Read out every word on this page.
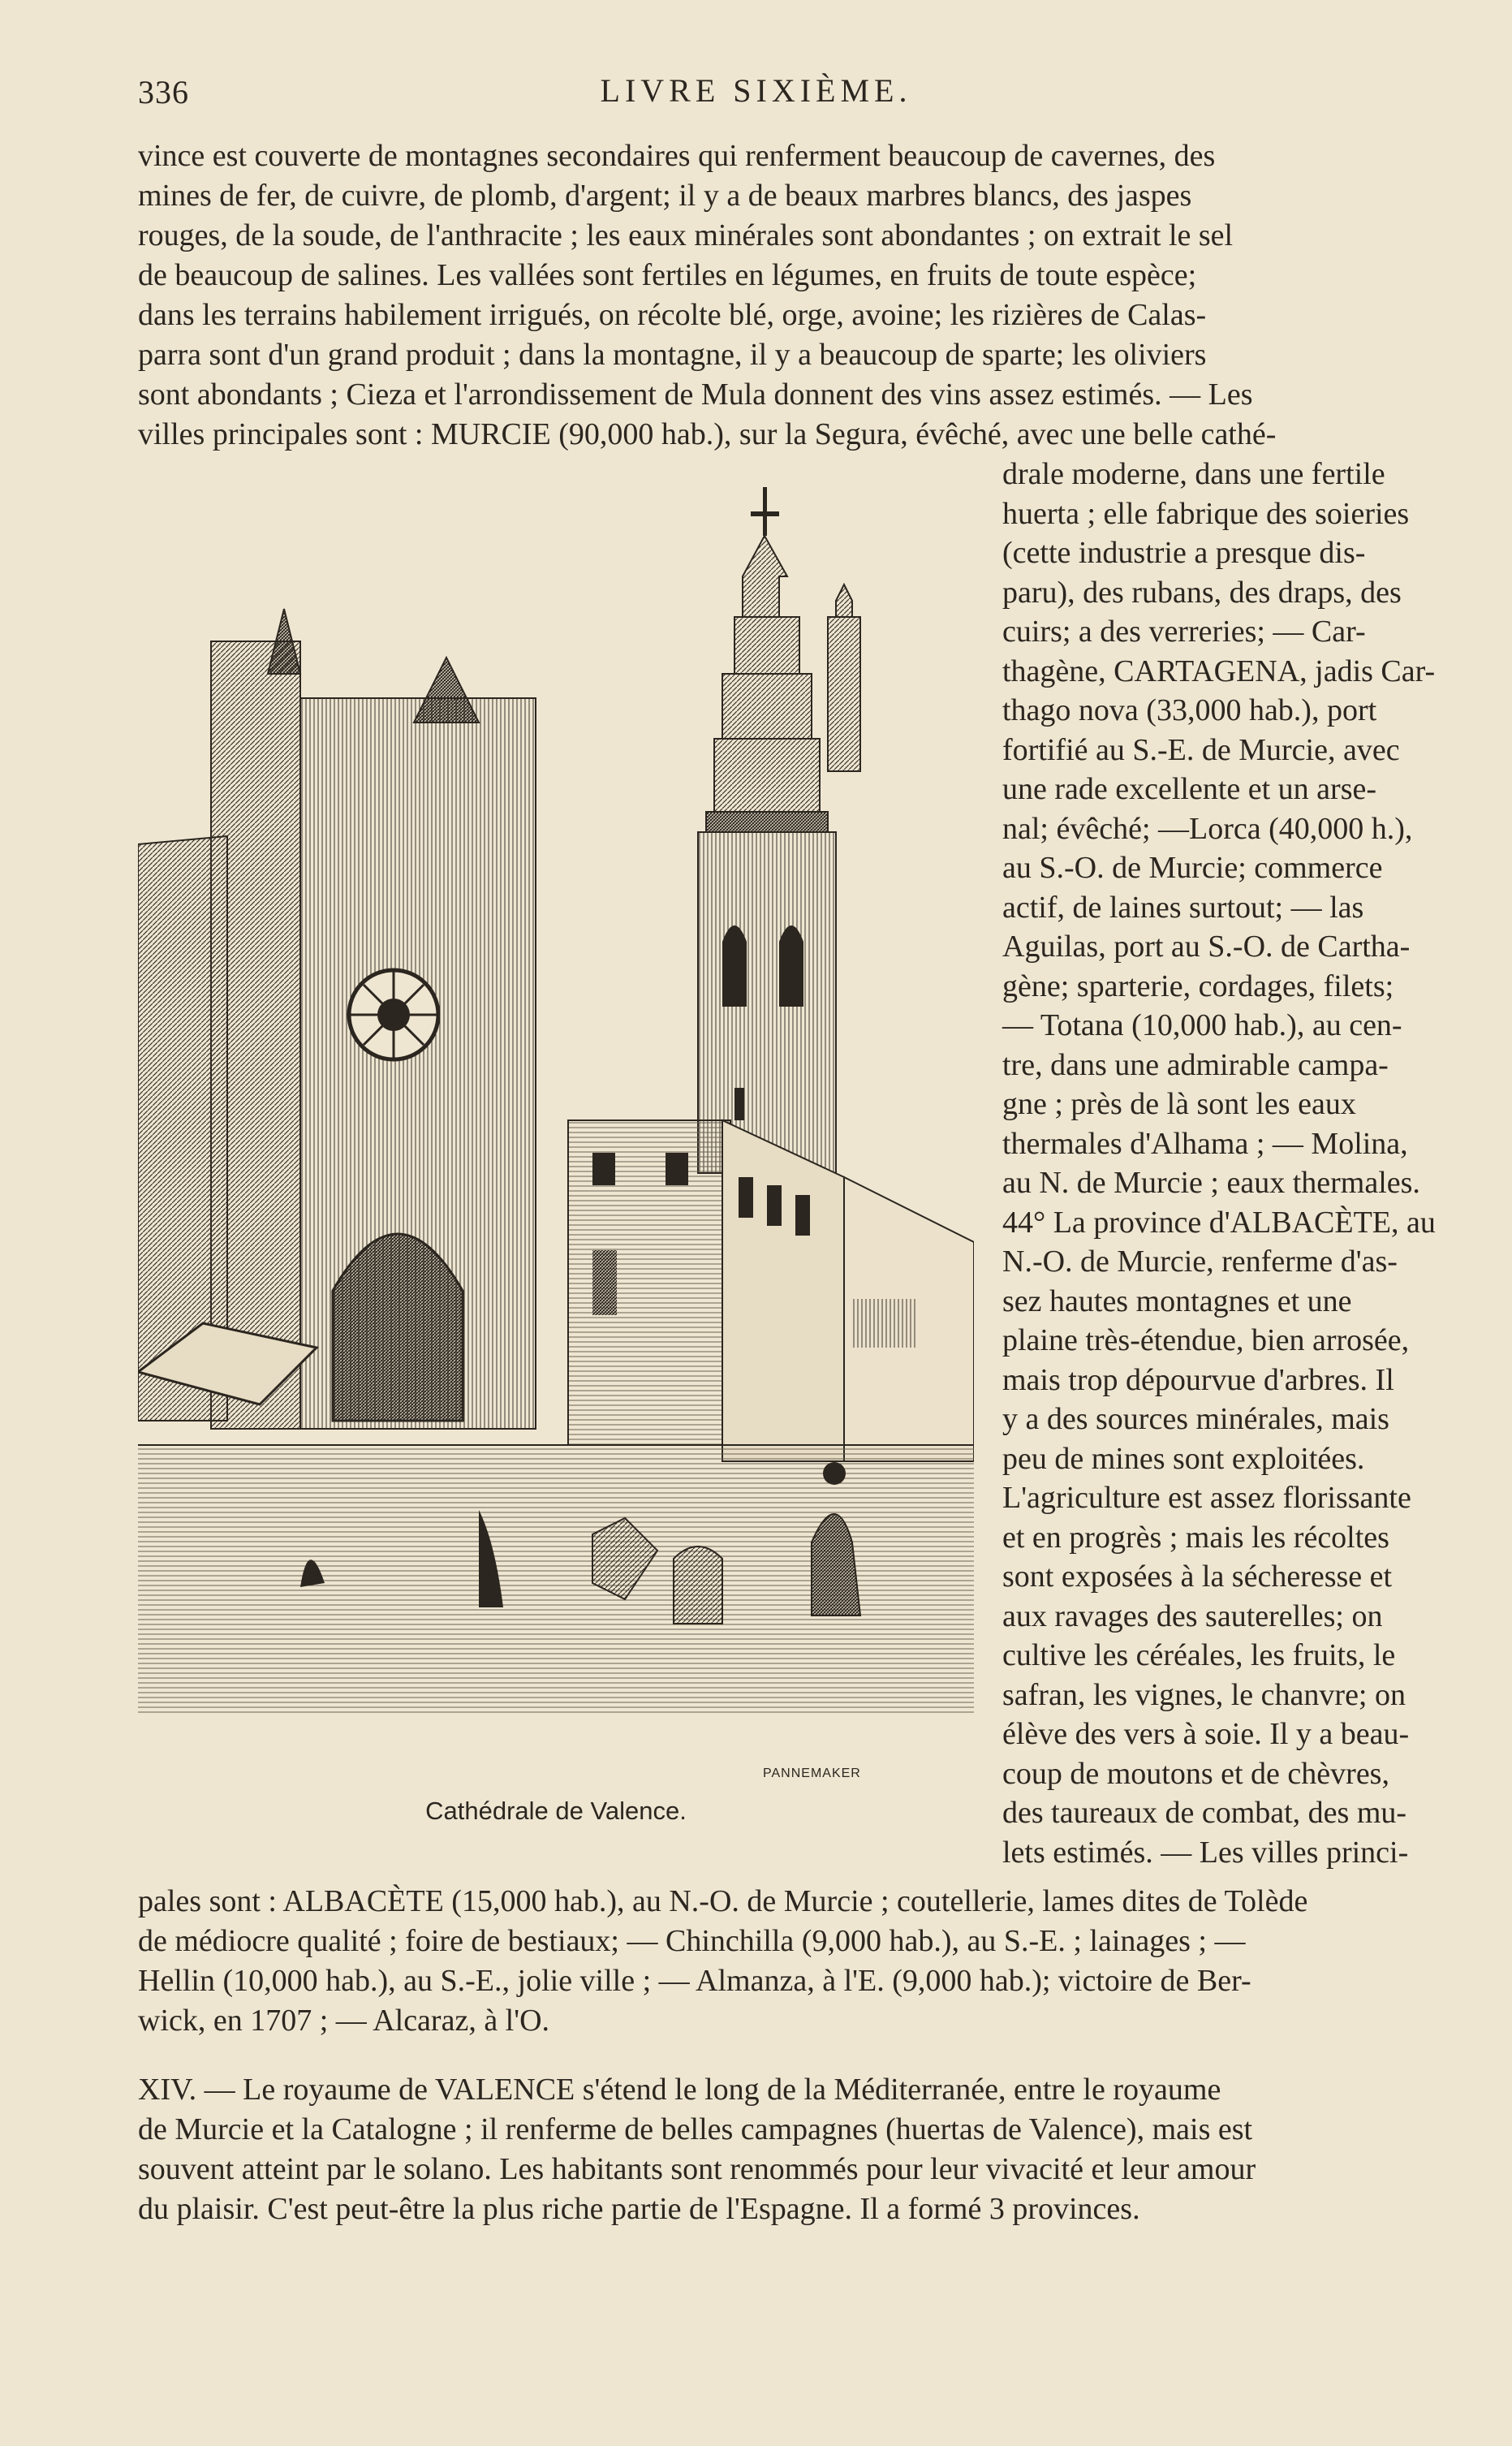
336	LIVRE SIXIÈME.
vince est couverte de montagnes secondaires qui renferment beaucoup de cavernes, des
mines de fer, de cuivre, de plomb, d'argent; il y a de beaux marbres blancs, des jaspes
rouges, de la soude, de l'anthracite ; les eaux minérales sont abondantes ; on extrait le sel
de beaucoup de salines. Les vallées sont fertiles en légumes, en fruits de toute espèce;
dans les terrains habilement irrigués, on récolte blé, orge, avoine; les rizières de Calas-
parra sont d'un grand produit ; dans la montagne, il y a beaucoup de sparte; les oliviers
sont abondants ; Cieza et l'arrondissement de Mula donnent des vins assez estimés. — Les
villes principales sont : MURCIE (90,000 hab.), sur la Segura, évêché, avec une belle cathé-
PANNEMAKER
Cathédrale de Valence.
drale moderne, dans une fertile
huerta ; elle fabrique des soieries
(cette industrie a presque dis-
paru), des rubans, des draps, des
cuirs; a des verreries; — Car-
thagène, CARTAGENA, jadis Car-
thago nova (33,000 hab.), port
fortifié au S.-E. de Murcie, avec
une rade excellente et un arse-
nal; évêché; —Lorca (40,000 h.),
au S.-O. de Murcie; commerce
actif, de laines surtout; — las
Aguilas, port au S.-O. de Cartha-
gène; sparterie, cordages, filets;
— Totana (10,000 hab.), au cen-
tre, dans une admirable campa-
gne ; près de là sont les eaux
thermales d'Alhama ; — Molina,
au N. de Murcie ; eaux thermales.
44° La province d'ALBACÈTE, au
N.-O. de Murcie, renferme d'as-
sez hautes montagnes et une
plaine très-étendue, bien arrosée,
mais trop dépourvue d'arbres. Il
y a des sources minérales, mais
peu de mines sont exploitées.
L'agriculture est assez florissante
et en progrès ; mais les récoltes
sont exposées à la sécheresse et
aux ravages des sauterelles; on
cultive les céréales, les fruits, le
safran, les vignes, le chanvre; on
élève des vers à soie. Il y a beau-
coup de moutons et de chèvres,
des taureaux de combat, des mu-
lets estimés. — Les villes princi-
pales sont : ALBACÈTE (15,000 hab.), au N.-O. de Murcie ; coutellerie, lames dites de Tolède
de médiocre qualité ; foire de bestiaux; — Chinchilla (9,000 hab.), au S.-E. ; lainages ; —
Hellin (10,000 hab.), au S.-E., jolie ville ; — Almanza, à l'E. (9,000 hab.); victoire de Ber-
wick, en 1707 ; — Alcaraz, à l'O.
XIV. — Le royaume de VALENCE s'étend le long de la Méditerranée, entre le royaume
de Murcie et la Catalogne ; il renferme de belles campagnes (huertas de Valence), mais est
souvent atteint par le solano. Les habitants sont renommés pour leur vivacité et leur amour
du plaisir. C'est peut-être la plus riche partie de l'Espagne. Il a formé 3 provinces.
